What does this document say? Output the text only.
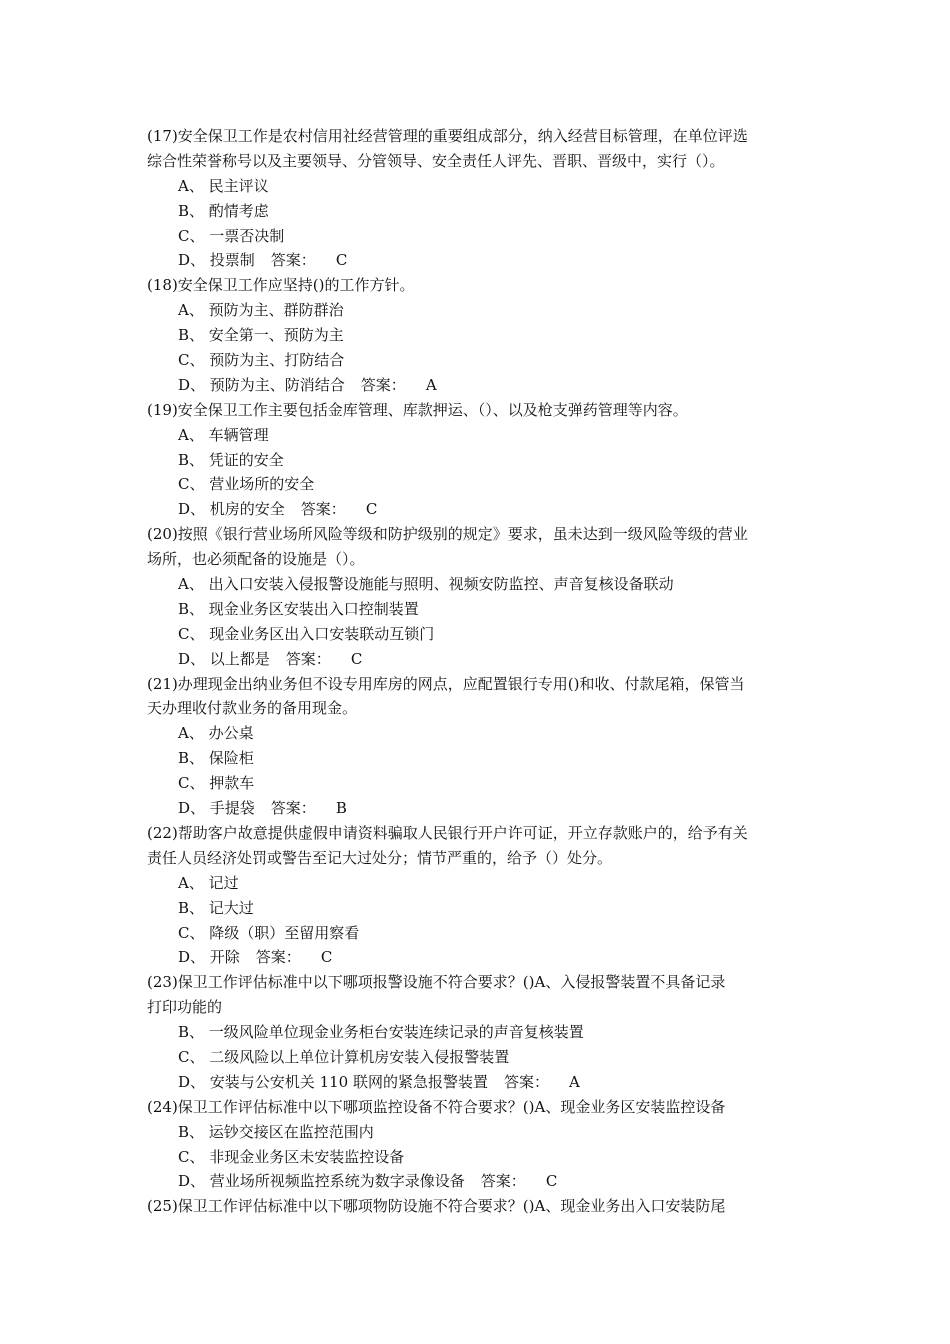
(17)安全保卫工作是农村信用社经营管理的重要组成部分，纳入经营目标管理，在单位评选
综合性荣誉称号以及主要领导、分管领导、安全责任人评先、晋职、晋级中，实行（）。
A、 民主评议
B、 酌情考虑
C、 一票否决制
D、 投票制 答案： C
(18)安全保卫工作应坚持()的工作方针。
A、 预防为主、群防群治
B、 安全第一、预防为主
C、 预防为主、打防结合
D、 预防为主、防消结合 答案： A
(19)安全保卫工作主要包括金库管理、库款押运、（）、以及枪支弹药管理等内容。
A、 车辆管理
B、 凭证的安全
C、 营业场所的安全
D、 机房的安全 答案： C
(20)按照《银行营业场所风险等级和防护级别的规定》要求，虽未达到一级风险等级的营业
场所，也必须配备的设施是（）。
A、 出入口安装入侵报警设施能与照明、视频安防监控、声音复核设备联动
B、 现金业务区安装出入口控制装置
C、 现金业务区出入口安装联动互锁门
D、 以上都是 答案： C
(21)办理现金出纳业务但不设专用库房的网点，应配置银行专用()和收、付款尾箱，保管当
天办理收付款业务的备用现金。
A、 办公桌
B、 保险柜
C、 押款车
D、 手提袋 答案： B
(22)帮助客户故意提供虚假申请资料骗取人民银行开户许可证，开立存款账户的，给予有关
责任人员经济处罚或警告至记大过处分；情节严重的，给予（）处分。
A、 记过
B、 记大过
C、 降级（职）至留用察看
D、 开除 答案： C
(23)保卫工作评估标准中以下哪项报警设施不符合要求？()A、入侵报警装置不具备记录
打印功能的
B、 一级风险单位现金业务柜台安装连续记录的声音复核装置
C、 二级风险以上单位计算机房安装入侵报警装置
D、 安装与公安机关 110 联网的紧急报警装置 答案： A
(24)保卫工作评估标准中以下哪项监控设备不符合要求？()A、现金业务区安装监控设备
B、 运钞交接区在监控范围内
C、 非现金业务区未安装监控设备
D、 营业场所视频监控系统为数字录像设备 答案： C
(25)保卫工作评估标准中以下哪项物防设施不符合要求？()A、现金业务出入口安装防尾
